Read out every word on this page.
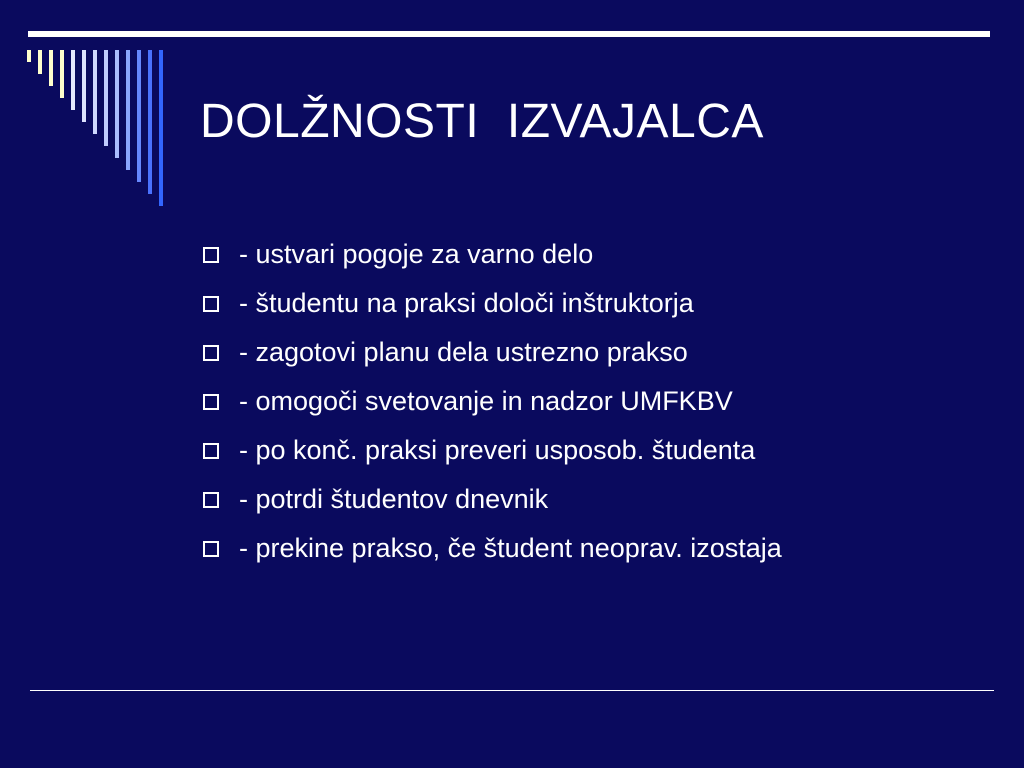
DOLŽNOSTI  IZVAJALCA
- ustvari pogoje za varno delo
- študentu na praksi določi inštruktorja
- zagotovi planu dela ustrezno prakso
- omogoči svetovanje in nadzor UMFKBV
- po konč. praksi preveri usposob. študenta
- potrdi študentov dnevnik
- prekine prakso, če študent neoprav. izostaja
